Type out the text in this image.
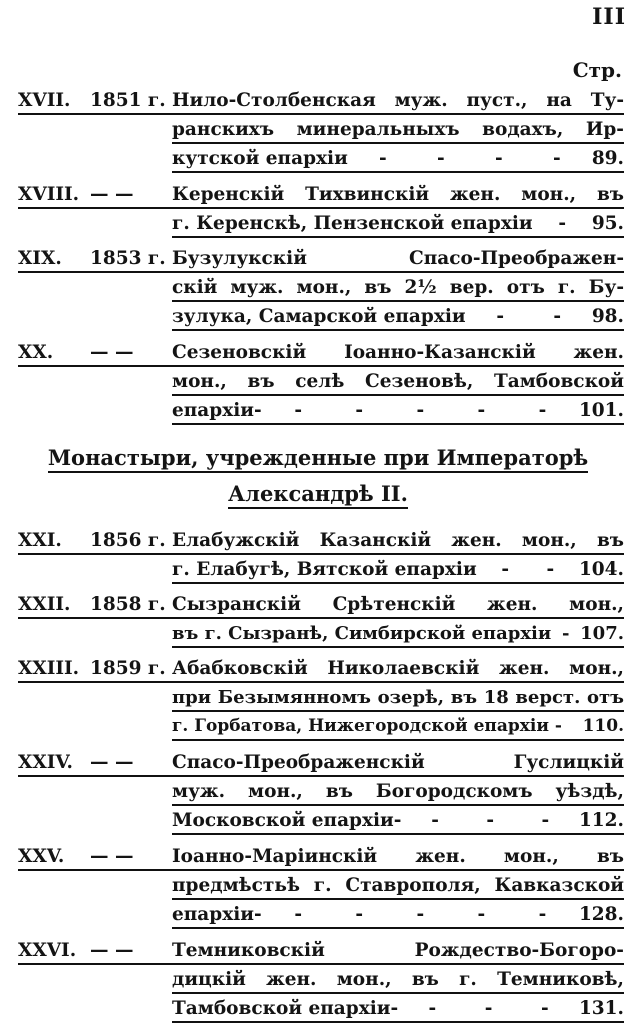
III
Стр.
XVII.	1851 г. Нило-Столбенская муж. пуст., на Ту-
ранскихъ минеральныхъ водахъ, Ир-
кутской епархіи -	-	-	- 89.
XVIII. — —	Керенскій Тихвинскій жен. мон., въ
г. Керенскѣ, Пензенской епархіи - 95.
XIX.	1853 г. Бузулукскій Спасо-Преображен-
скій муж. мон., въ 2½ вер. отъ г. Бу-
зулука, Самарской епархіи -	- 98.
XX.	— —	Сезеновскій Іоанно-Казанскій жен.
мон., въ селѣ Сезеновѣ, Тамбовской
епархіи- -	-	-	-	- 101.
Монастыри, учрежденные при Императорѣ
Александрѣ II.
XXI.	1856 г. Елабужскій Казанскій жен. мон., въ
г. Елабугѣ, Вятской епархіи - - 104.
XXII.	1858 г. Сызранскій Срѣтенскій жен. мон.,
въ г. Сызранѣ, Симбирской епархіи - 107.
XXIII. 1859 г. Абабковскій Николаевскій жен. мон.,
при Безымянномъ озерѣ, въ 18 верст. отъ
г. Горбатова, Нижегородской епархіи - 110.
XXIV. — —	Спасо-Преображенскій Гуслицкій
муж. мон., въ Богородскомъ уѣздѣ,
Московской епархіи- -	-	- 112.
XXV.	— —	Іоанно-Маріинскій жен. мон., въ
предмѣстьѣ г. Ставрополя, Кавказской
епархіи- -	-	-	-	- 128.
XXVI. — —	Темниковскій Рождество-Богоро-
дицкій жен. мон., въ г. Темниковѣ,
Тамбовской епархіи- -	-	- 131.
